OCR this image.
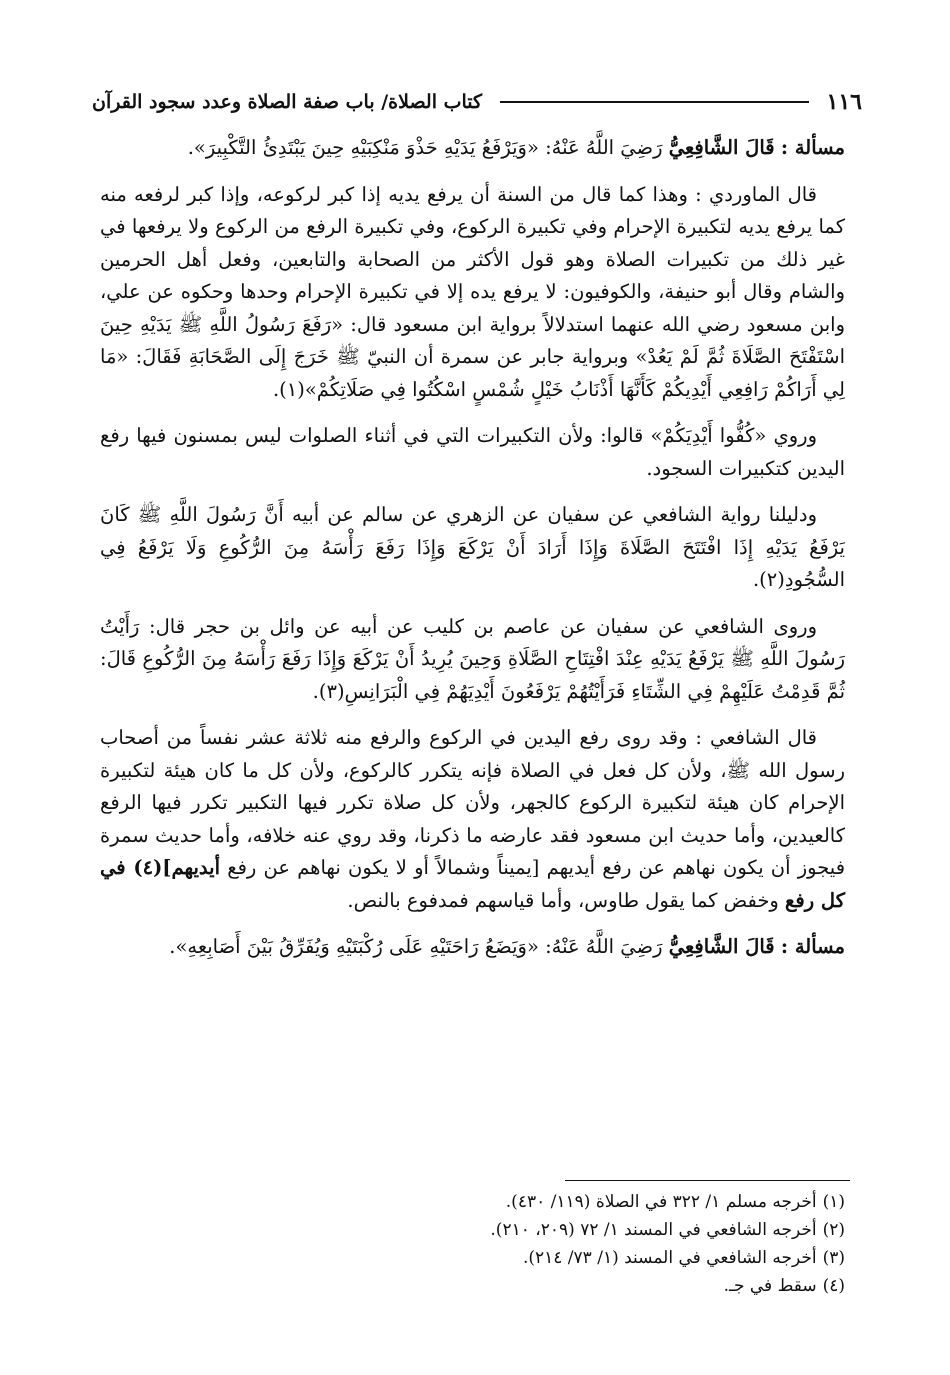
١١٦
كتاب الصلاة/ باب صفة الصلاة وعدد سجود القرآن

مسألة : قَالَ الشَّافِعِيُّ رَضِيَ اللَّهُ عَنْهُ: «وَيَرْفَعُ يَدَيْهِ حَذْوَ مَنْكِبَيْهِ حِينَ يَبْتَدِئُ التَّكْبِيرَ».

قال الماوردي : وهذا كما قال من السنة أن يرفع يديه إذا كبر لركوعه، وإذا كبر لرفعه منه كما يرفع يديه لتكبيرة الإحرام وفي تكبيرة الركوع، وفي تكبيرة الرفع من الركوع ولا يرفعها في غير ذلك من تكبيرات الصلاة وهو قول الأكثر من الصحابة والتابعين، وفعل أهل الحرمين والشام وقال أبو حنيفة، والكوفيون: لا يرفع يده إلا في تكبيرة الإحرام وحدها وحكوه عن علي، وابن مسعود رضي الله عنهما استدلالاً برواية ابن مسعود قال: «رَفَعَ رَسُولُ اللَّهِ ﷺ يَدَيْهِ حِينَ اسْتَفْتَحَ الصَّلَاةَ ثُمَّ لَمْ يَعُدْ» وبرواية جابر عن سمرة أن النبيّ ﷺ خَرَجَ إِلَى الصَّحَابَةِ فَقَالَ: «مَا لِي أَرَاكُمْ رَافِعِي أَيْدِيكُمْ كَأَنَّهَا أَذْنَابُ خَيْلٍ شُمْسٍ اسْكُتُوا فِي صَلَاتِكُمْ»(١).

وروي «كُفُّوا أَيْدِيَكُمْ» قالوا: ولأن التكبيرات التي في أثناء الصلوات ليس بمسنون فيها رفع اليدين كتكبيرات السجود.

ودليلنا رواية الشافعي عن سفيان عن الزهري عن سالم عن أبيه أَنَّ رَسُولَ اللَّهِ ﷺ كَانَ يَرْفَعُ يَدَيْهِ إِذَا افْتَتَحَ الصَّلَاةَ وَإِذَا أَرَادَ أَنْ يَرْكَعَ وَإِذَا رَفَعَ رَأْسَهُ مِنَ الرُّكُوعِ وَلَا يَرْفَعُ فِي السُّجُودِ(٢).

وروى الشافعي عن سفيان عن عاصم بن كليب عن أبيه عن وائل بن حجر قال: رَأَيْتُ رَسُولَ اللَّهِ ﷺ يَرْفَعُ يَدَيْهِ عِنْدَ افْتِتَاحِ الصَّلَاةِ وَحِينَ يُرِيدُ أَنْ يَرْكَعَ وَإِذَا رَفَعَ رَأْسَهُ مِنَ الرُّكُوعِ قَالَ: ثُمَّ قَدِمْتُ عَلَيْهِمْ فِي الشِّتَاءِ فَرَأَيْتُهُمْ يَرْفَعُونَ أَيْدِيَهُمْ فِي الْبَرَانِسِ(٣).

قال الشافعي : وقد روى رفع اليدين في الركوع والرفع منه ثلاثة عشر نفساً من أصحاب رسول الله ﷺ، ولأن كل فعل في الصلاة فإنه يتكرر كالركوع، ولأن كل ما كان هيئة لتكبيرة الإحرام كان هيئة لتكبيرة الركوع كالجهر، ولأن كل صلاة تكرر فيها التكبير تكرر فيها الرفع كالعيدين، وأما حديث ابن مسعود فقد عارضه ما ذكرنا، وقد روي عنه خلافه، وأما حديث سمرة فيجوز أن يكون نهاهم عن رفع أيديهم [يميناً وشمالاً أو لا يكون نهاهم عن رفع أيديهم](٤) في كل رفع وخفض كما يقول طاوس، وأما قياسهم فمدفوع بالنص.

مسألة : قَالَ الشَّافِعِيُّ رَضِيَ اللَّهُ عَنْهُ: «وَيَضَعُ رَاحَتَيْهِ عَلَى رُكْبَتَيْهِ وَيُفَرِّقُ بَيْنَ أَصَابِعِهِ».

(١)أخرجه مسلم ١/ ٣٢٢ في الصلاة (١١٩/ ٤٣٠).

(٢)أخرجه الشافعي في المسند ١/ ٧٢ (٢٠٩، ٢١٠).

(٣)أخرجه الشافعي في المسند (١/ ٧٣/ ٢١٤).

(٤)سقط في جـ.
